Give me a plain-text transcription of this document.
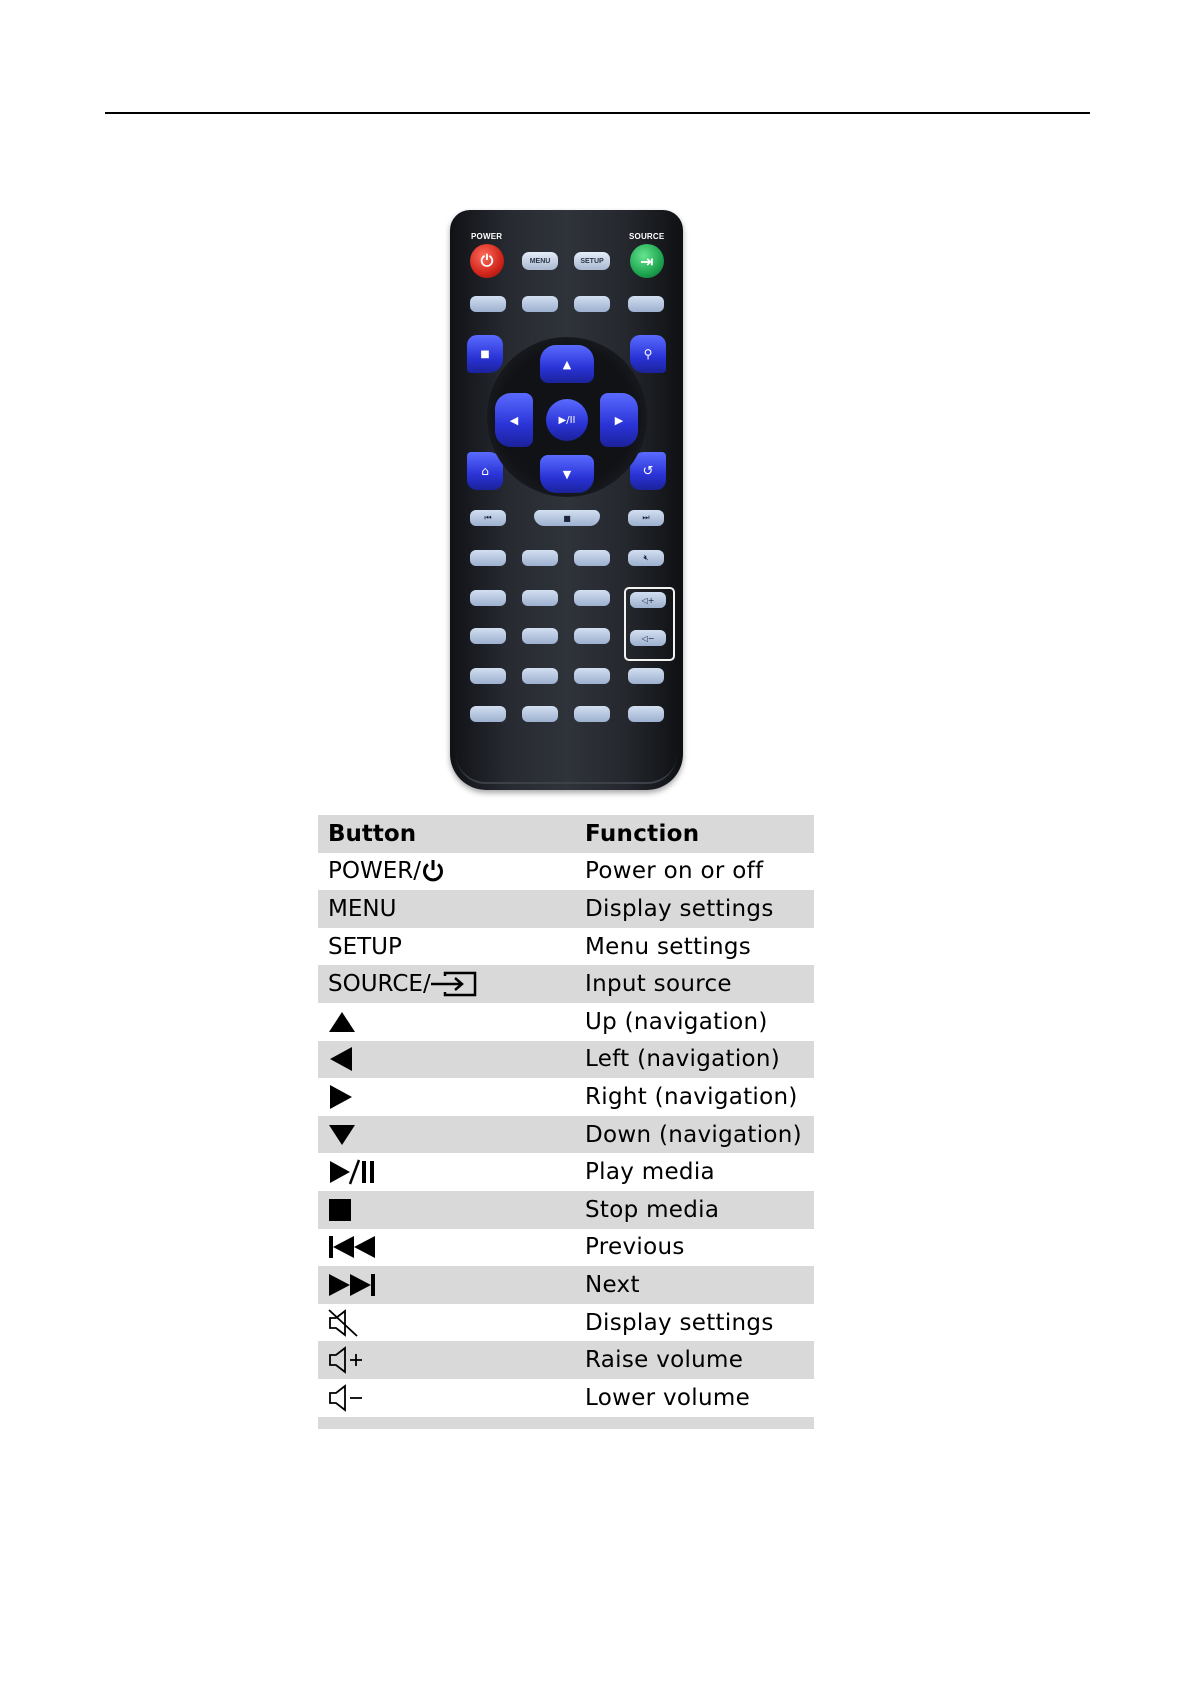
POWER	SOURCE
⏻	MENU	SETUP	⇥
■	⚲
⌂	↺
▲
▼
◀	▶
▶/II
⏮	■	⏭
🔇︎
◁+
◁−
Button	Function
POWER/	Power on or off
MENU	Display settings
SETUP	Menu settings
SOURCE/	Input source
Up (navigation)
Left (navigation)
Right (navigation)
Down (navigation)
Play media
Stop media
Previous
Next
Display settings
Raise volume
Lower volume
